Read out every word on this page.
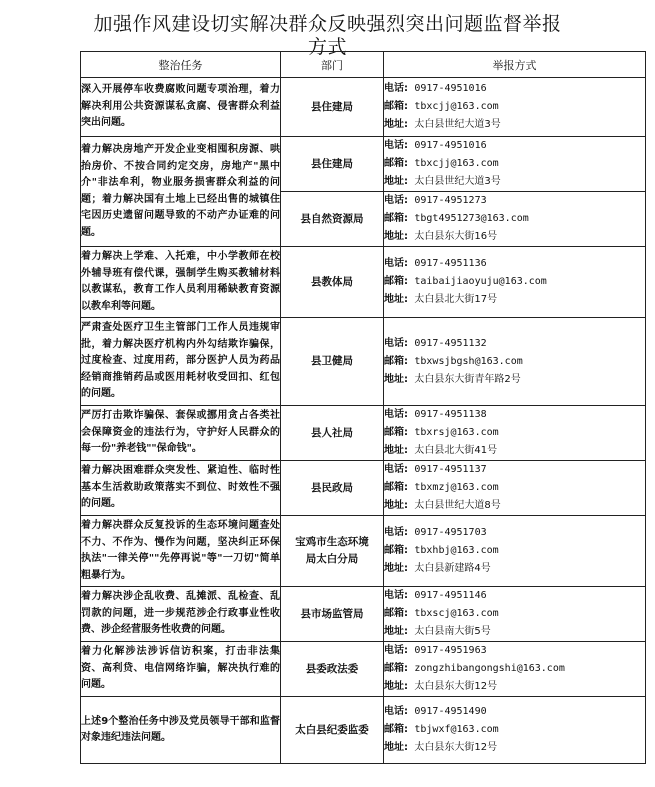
加强作风建设切实解决群众反映强烈突出问题监督举报
方式
整治任务	部门	举报方式
深入开展停车收费腐败问题专项治理，着力解决利用公共资源谋私贪腐、侵害群众利益突出问题。	县住建局	电话: 0917-4951016
邮箱: tbxcjj@163.com
地址: 太白县世纪大道3号

着力解决房地产开发企业变相囤积房源、哄抬房价、不按合同约定交房，房地产"黑中介"非法牟利，物业服务损害群众利益的问题；着力解决国有土地上已经出售的城镇住宅因历史遗留问题导致的不动产办证难的问题。	县住建局	电话: 0917-4951016
邮箱: tbxcjj@163.com
地址: 太白县世纪大道3号

	县自然资源局	电话: 0917-4951273
邮箱: tbgt4951273@163.com
地址: 太白县东大街16号

着力解决上学难、入托难，中小学教师在校外辅导班有偿代课，强制学生购买教辅材料以教谋私，教育工作人员利用稀缺教育资源以教牟利等问题。	县教体局	电话: 0917-4951136
邮箱: taibaijiaoyuju@163.com
地址: 太白县北大街17号

严肃查处医疗卫生主管部门工作人员违规审批，着力解决医疗机构内外勾结欺诈骗保，过度检查、过度用药，部分医护人员为药品经销商推销药品或医用耗材收受回扣、红包的问题。	县卫健局	电话: 0917-4951132
邮箱: tbxwsjbgsh@163.com
地址: 太白县东大街青年路2号

严厉打击欺诈骗保、套保或挪用贪占各类社会保障资金的违法行为，守护好人民群众的每一份"养老钱""保命钱"。	县人社局	电话: 0917-4951138
邮箱: tbxrsj@163.com
地址: 太白县北大街41号

着力解决困难群众突发性、紧迫性、临时性基本生活救助政策落实不到位、时效性不强的问题。	县民政局	电话: 0917-4951137
邮箱: tbxmzj@163.com
地址: 太白县世纪大道8号

着力解决群众反复投诉的生态环境问题查处不力、不作为、慢作为问题，坚决纠正环保执法"一律关停""先停再说"等"一刀切"简单粗暴行为。	宝鸡市生态环境局太白分局	电话: 0917-4951703
邮箱: tbxhbj@163.com
地址: 太白县新建路4号

着力解决涉企乱收费、乱摊派、乱检查、乱罚款的问题，进一步规范涉企行政事业性收费、涉企经营服务性收费的问题。	县市场监管局	电话: 0917-4951146
邮箱: tbxscj@163.com
地址: 太白县南大街5号

着力化解涉法涉诉信访积案，打击非法集资、高利贷、电信网络诈骗，解决执行难的问题。	县委政法委	电话: 0917-4951963
邮箱: zongzhibangongshi@163.com
地址: 太白县东大街12号

上述9个整治任务中涉及党员领导干部和监督对象违纪违法问题。	太白县纪委监委	电话: 0917-4951490
邮箱: tbjwxf@163.com
地址: 太白县东大街12号
